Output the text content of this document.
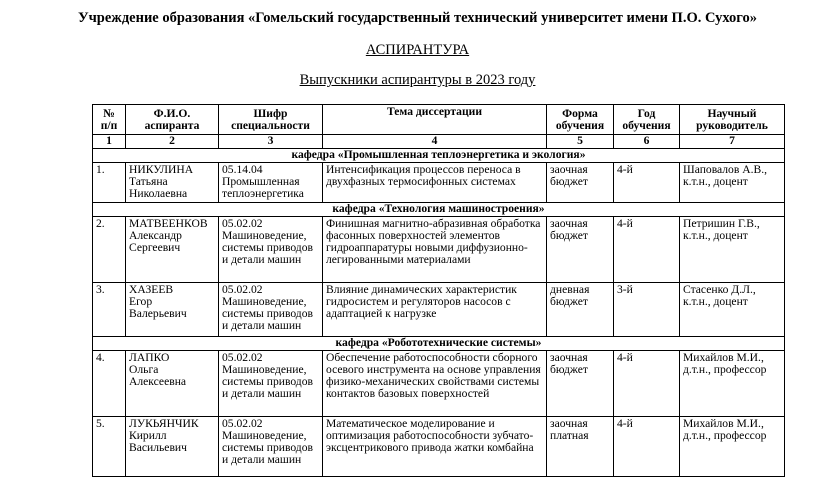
Учреждение образования «Гомельский государственный технический университет имени П.О. Сухого»
АСПИРАНТУРА
Выпускники аспирантуры в 2023 году
№
п/п	Ф.И.О.
аспиранта	Шифр
специальности	Тема диссертации	Форма
обучения	Год
обучения	Научный
руководитель
1	2	3	4	5	6	7
кафедра «Промышленная теплоэнергетика и экология»						
1.	НИКУЛИНА
Татьяна
Николаевна	05.14.04
Промышленная
теплоэнергетика	Интенсификация процессов переноса в двухфазных термосифонных системах	заочная
бюджет	4-й	Шаповалов А.В.,
к.т.н., доцент
кафедра «Технология машиностроения»						
2.	МАТВЕЕНКОВ
Александр
Сергеевич	05.02.02
Машиноведение,
системы приводов
и детали машин	Финишная магнитно-абразивная обработка фасонных поверхностей элементов гидроаппаратуры новыми диффузионно-легированными материалами	заочная
бюджет	4-й	Петришин Г.В.,
к.т.н., доцент
3.	ХАЗЕЕВ
Егор
Валерьевич	05.02.02
Машиноведение,
системы приводов
и детали машин	Влияние динамических характеристик гидросистем и регуляторов насосов с адаптацией к нагрузке	дневная
бюджет	3-й	Стасенко Д.Л.,
к.т.н., доцент
кафедра «Робототехнические системы»						
4.	ЛАПКО
Ольга
Алексеевна	05.02.02
Машиноведение,
системы приводов
и детали машин	Обеспечение работоспособности сборного осевого инструмента на основе управления физико-механических свойствами системы контактов базовых поверхностей	заочная
бюджет	4-й	Михайлов М.И.,
д.т.н., профессор
5.	ЛУКЬЯНЧИК
Кирилл
Васильевич	05.02.02
Машиноведение,
системы приводов
и детали машин	Математическое моделирование и оптимизация работоспособности зубчато-эксцентрикового привода жатки комбайна	заочная
платная	4-й	Михайлов М.И.,
д.т.н., профессор
